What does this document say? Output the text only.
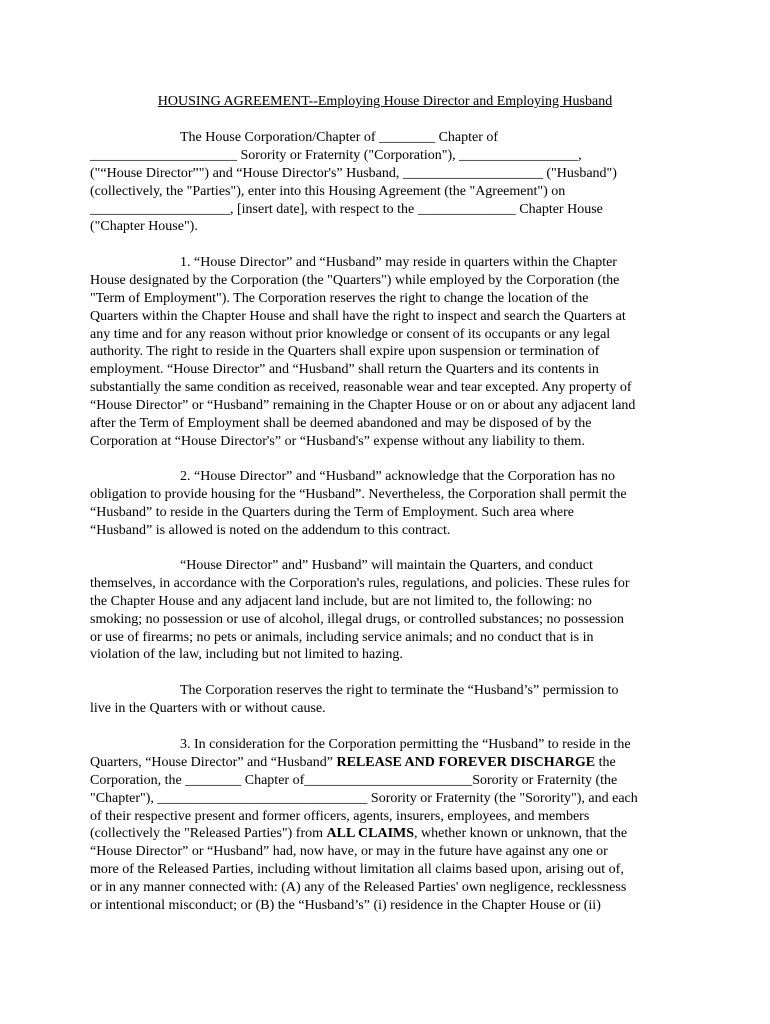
HOUSING AGREEMENT--Employing House Director and Employing Husband
The House Corporation/Chapter of ________ Chapter of
_____________________ Sorority or Fraternity ("Corporation"), _________________,
("“House Director”") and “House Director's” Husband, ____________________ ("Husband")
(collectively, the "Parties"), enter into this Housing Agreement (the "Agreement") on
____________________, [insert date], with respect to the ______________ Chapter House
("Chapter House").
1. “House Director” and “Husband” may reside in quarters within the Chapter
House designated by the Corporation (the "Quarters") while employed by the Corporation (the
"Term of Employment"). The Corporation reserves the right to change the location of the
Quarters within the Chapter House and shall have the right to inspect and search the Quarters at
any time and for any reason without prior knowledge or consent of its occupants or any legal
authority. The right to reside in the Quarters shall expire upon suspension or termination of
employment. “House Director” and “Husband” shall return the Quarters and its contents in
substantially the same condition as received, reasonable wear and tear excepted. Any property of
“House Director” or “Husband” remaining in the Chapter House or on or about any adjacent land
after the Term of Employment shall be deemed abandoned and may be disposed of by the
Corporation at “House Director's” or “Husband's” expense without any liability to them.
2. “House Director” and “Husband” acknowledge that the Corporation has no
obligation to provide housing for the “Husband”. Nevertheless, the Corporation shall permit the
“Husband” to reside in the Quarters during the Term of Employment. Such area where
“Husband” is allowed is noted on the addendum to this contract.
“House Director” and” Husband” will maintain the Quarters, and conduct
themselves, in accordance with the Corporation's rules, regulations, and policies. These rules for
the Chapter House and any adjacent land include, but are not limited to, the following: no
smoking; no possession or use of alcohol, illegal drugs, or controlled substances; no possession
or use of firearms; no pets or animals, including service animals; and no conduct that is in
violation of the law, including but not limited to hazing.
The Corporation reserves the right to terminate the “Husband’s” permission to
live in the Quarters with or without cause.
3. In consideration for the Corporation permitting the “Husband” to reside in the
Quarters, “House Director” and “Husband” RELEASE AND FOREVER DISCHARGE the
Corporation, the ________ Chapter of________________________Sorority or Fraternity (the
"Chapter"), ______________________________ Sorority or Fraternity (the "Sorority"), and each
of their respective present and former officers, agents, insurers, employees, and members
(collectively the "Released Parties") from ALL CLAIMS, whether known or unknown, that the
“House Director” or “Husband” had, now have, or may in the future have against any one or
more of the Released Parties, including without limitation all claims based upon, arising out of,
or in any manner connected with: (A) any of the Released Parties' own negligence, recklessness
or intentional misconduct; or (B) the “Husband’s” (i) residence in the Chapter House or (ii)
